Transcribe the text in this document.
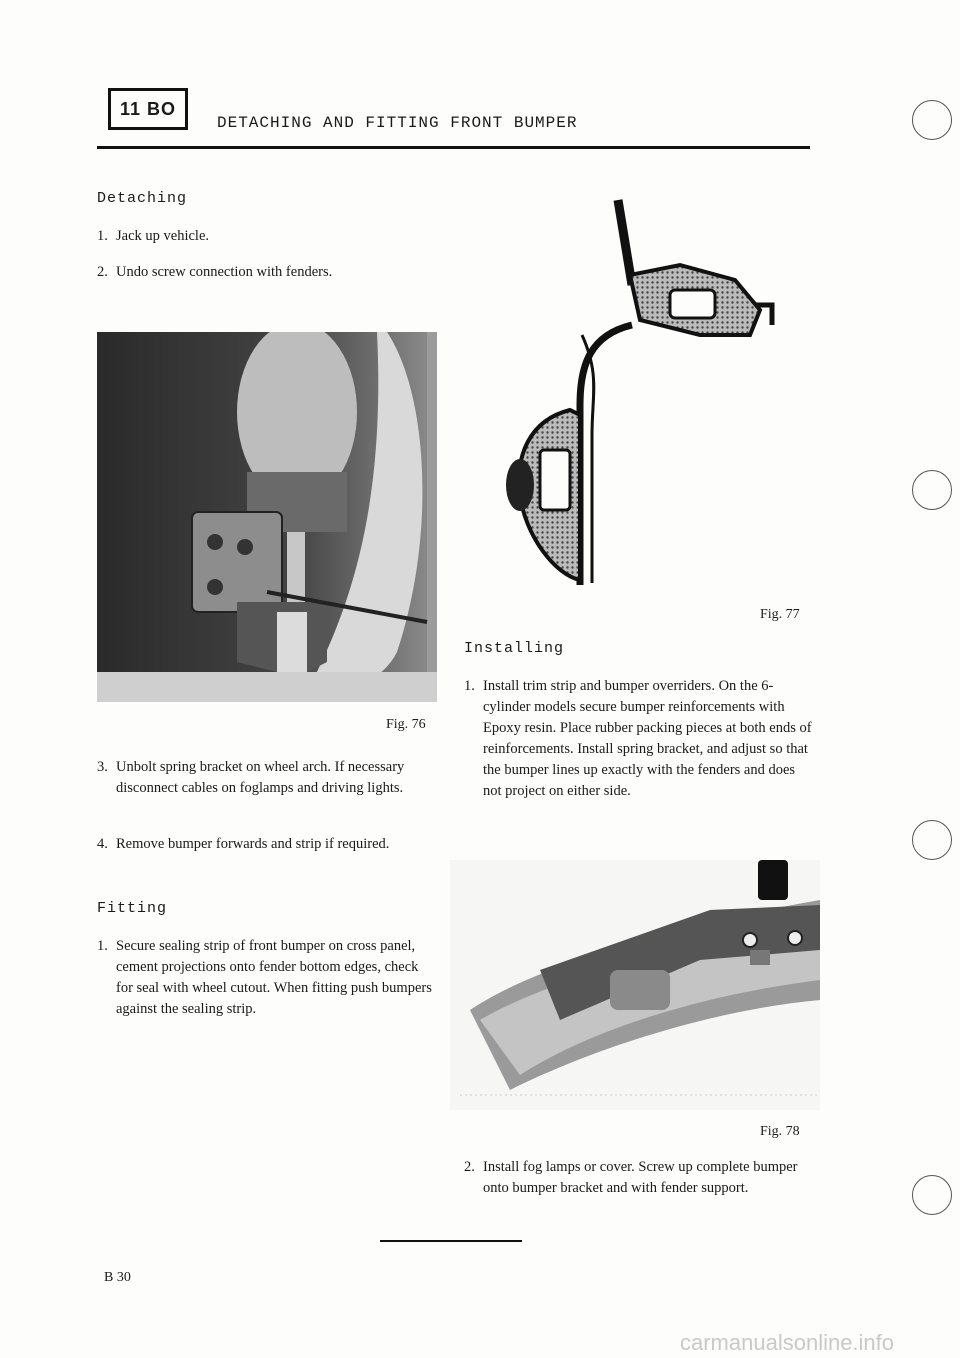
11 BO
DETACHING AND FITTING FRONT BUMPER
Detaching
1. Jack up vehicle.
2. Undo screw connection with fenders.
Fig. 76
3. Unbolt spring bracket on wheel arch. If necessary disconnect cables on foglamps and driving lights.
4. Remove bumper forwards and strip if required.
Fitting
1. Secure sealing strip of front bumper on cross panel, cement projections onto fender bottom edges, check for seal with wheel cutout. When fitting push bumpers against the sealing strip.
Fig. 77
Installing
1. Install trim strip and bumper overriders. On the 6-cylinder models secure bumper reinforcements with Epoxy resin. Place rubber packing pieces at both ends of reinforcements. Install spring bracket, and adjust so that the bumper lines up exactly with the fenders and does not project on either side.
Fig. 78
2. Install fog lamps or cover. Screw up complete bumper onto bumper bracket and with fender support.
B 30
carmanualsonline.info
